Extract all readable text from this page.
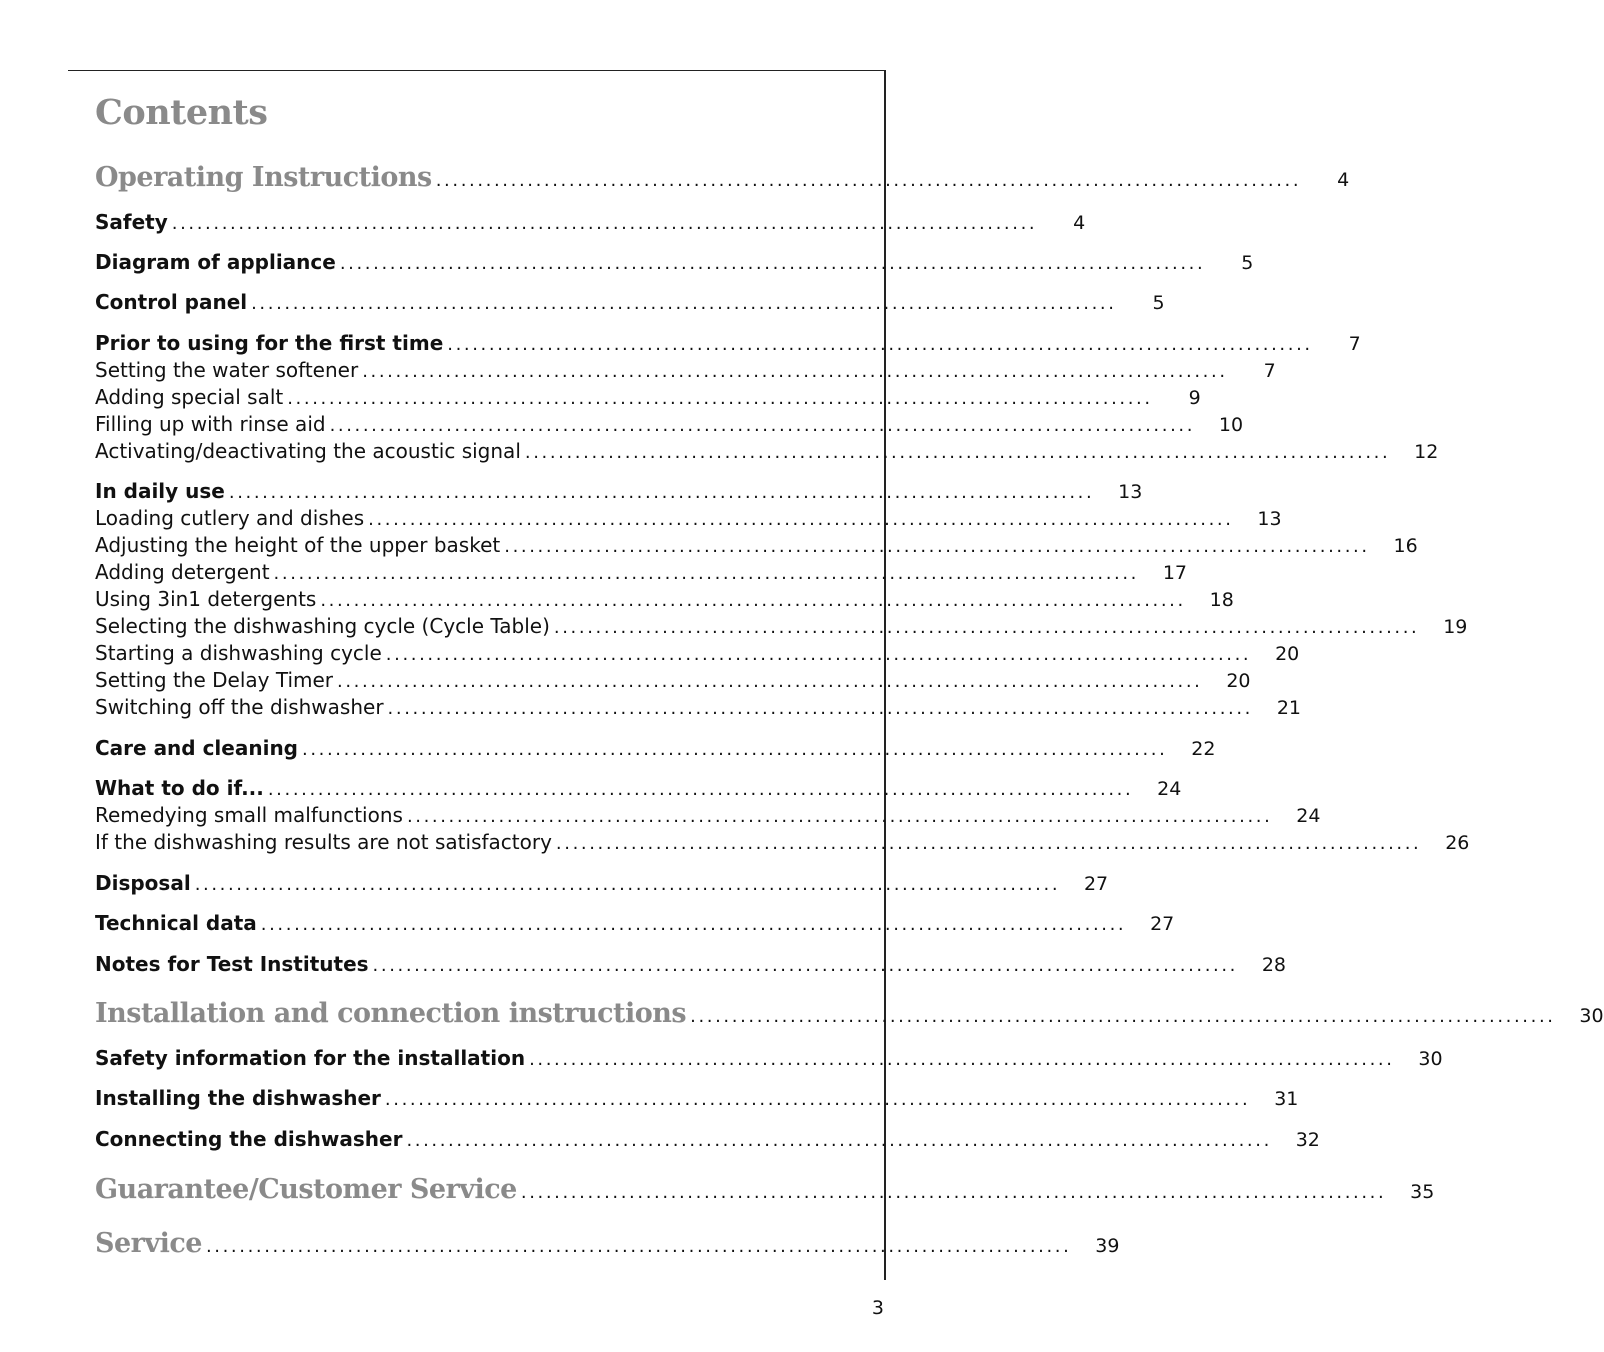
Contents
Operating Instructions ........................................................................................................	4
Safety ........................................................................................................	4
Diagram of appliance ........................................................................................................	5
Control panel ........................................................................................................	5
Prior to using for the first time ........................................................................................................	7
Setting the water softener ........................................................................................................	7
Adding special salt ........................................................................................................	9
Filling up with rinse aid ........................................................................................................	10
Activating/deactivating the acoustic signal ........................................................................................................	12
In daily use ........................................................................................................	13
Loading cutlery and dishes ........................................................................................................	13
Adjusting the height of the upper basket ........................................................................................................	16
Adding detergent ........................................................................................................	17
Using 3in1 detergents ........................................................................................................	18
Selecting the dishwashing cycle (Cycle Table) ........................................................................................................	19
Starting a dishwashing cycle ........................................................................................................	20
Setting the Delay Timer ........................................................................................................	20
Switching off the dishwasher ........................................................................................................	21
Care and cleaning ........................................................................................................	22
What to do if... ........................................................................................................	24
Remedying small malfunctions ........................................................................................................	24
If the dishwashing results are not satisfactory ........................................................................................................	26
Disposal ........................................................................................................	27
Technical data ........................................................................................................	27
Notes for Test Institutes ........................................................................................................	28
Installation and connection instructions ........................................................................................................	30
Safety information for the installation ........................................................................................................	30
Installing the dishwasher ........................................................................................................	31
Connecting the dishwasher ........................................................................................................	32
Guarantee/Customer Service ........................................................................................................	35
Service ........................................................................................................	39
3
